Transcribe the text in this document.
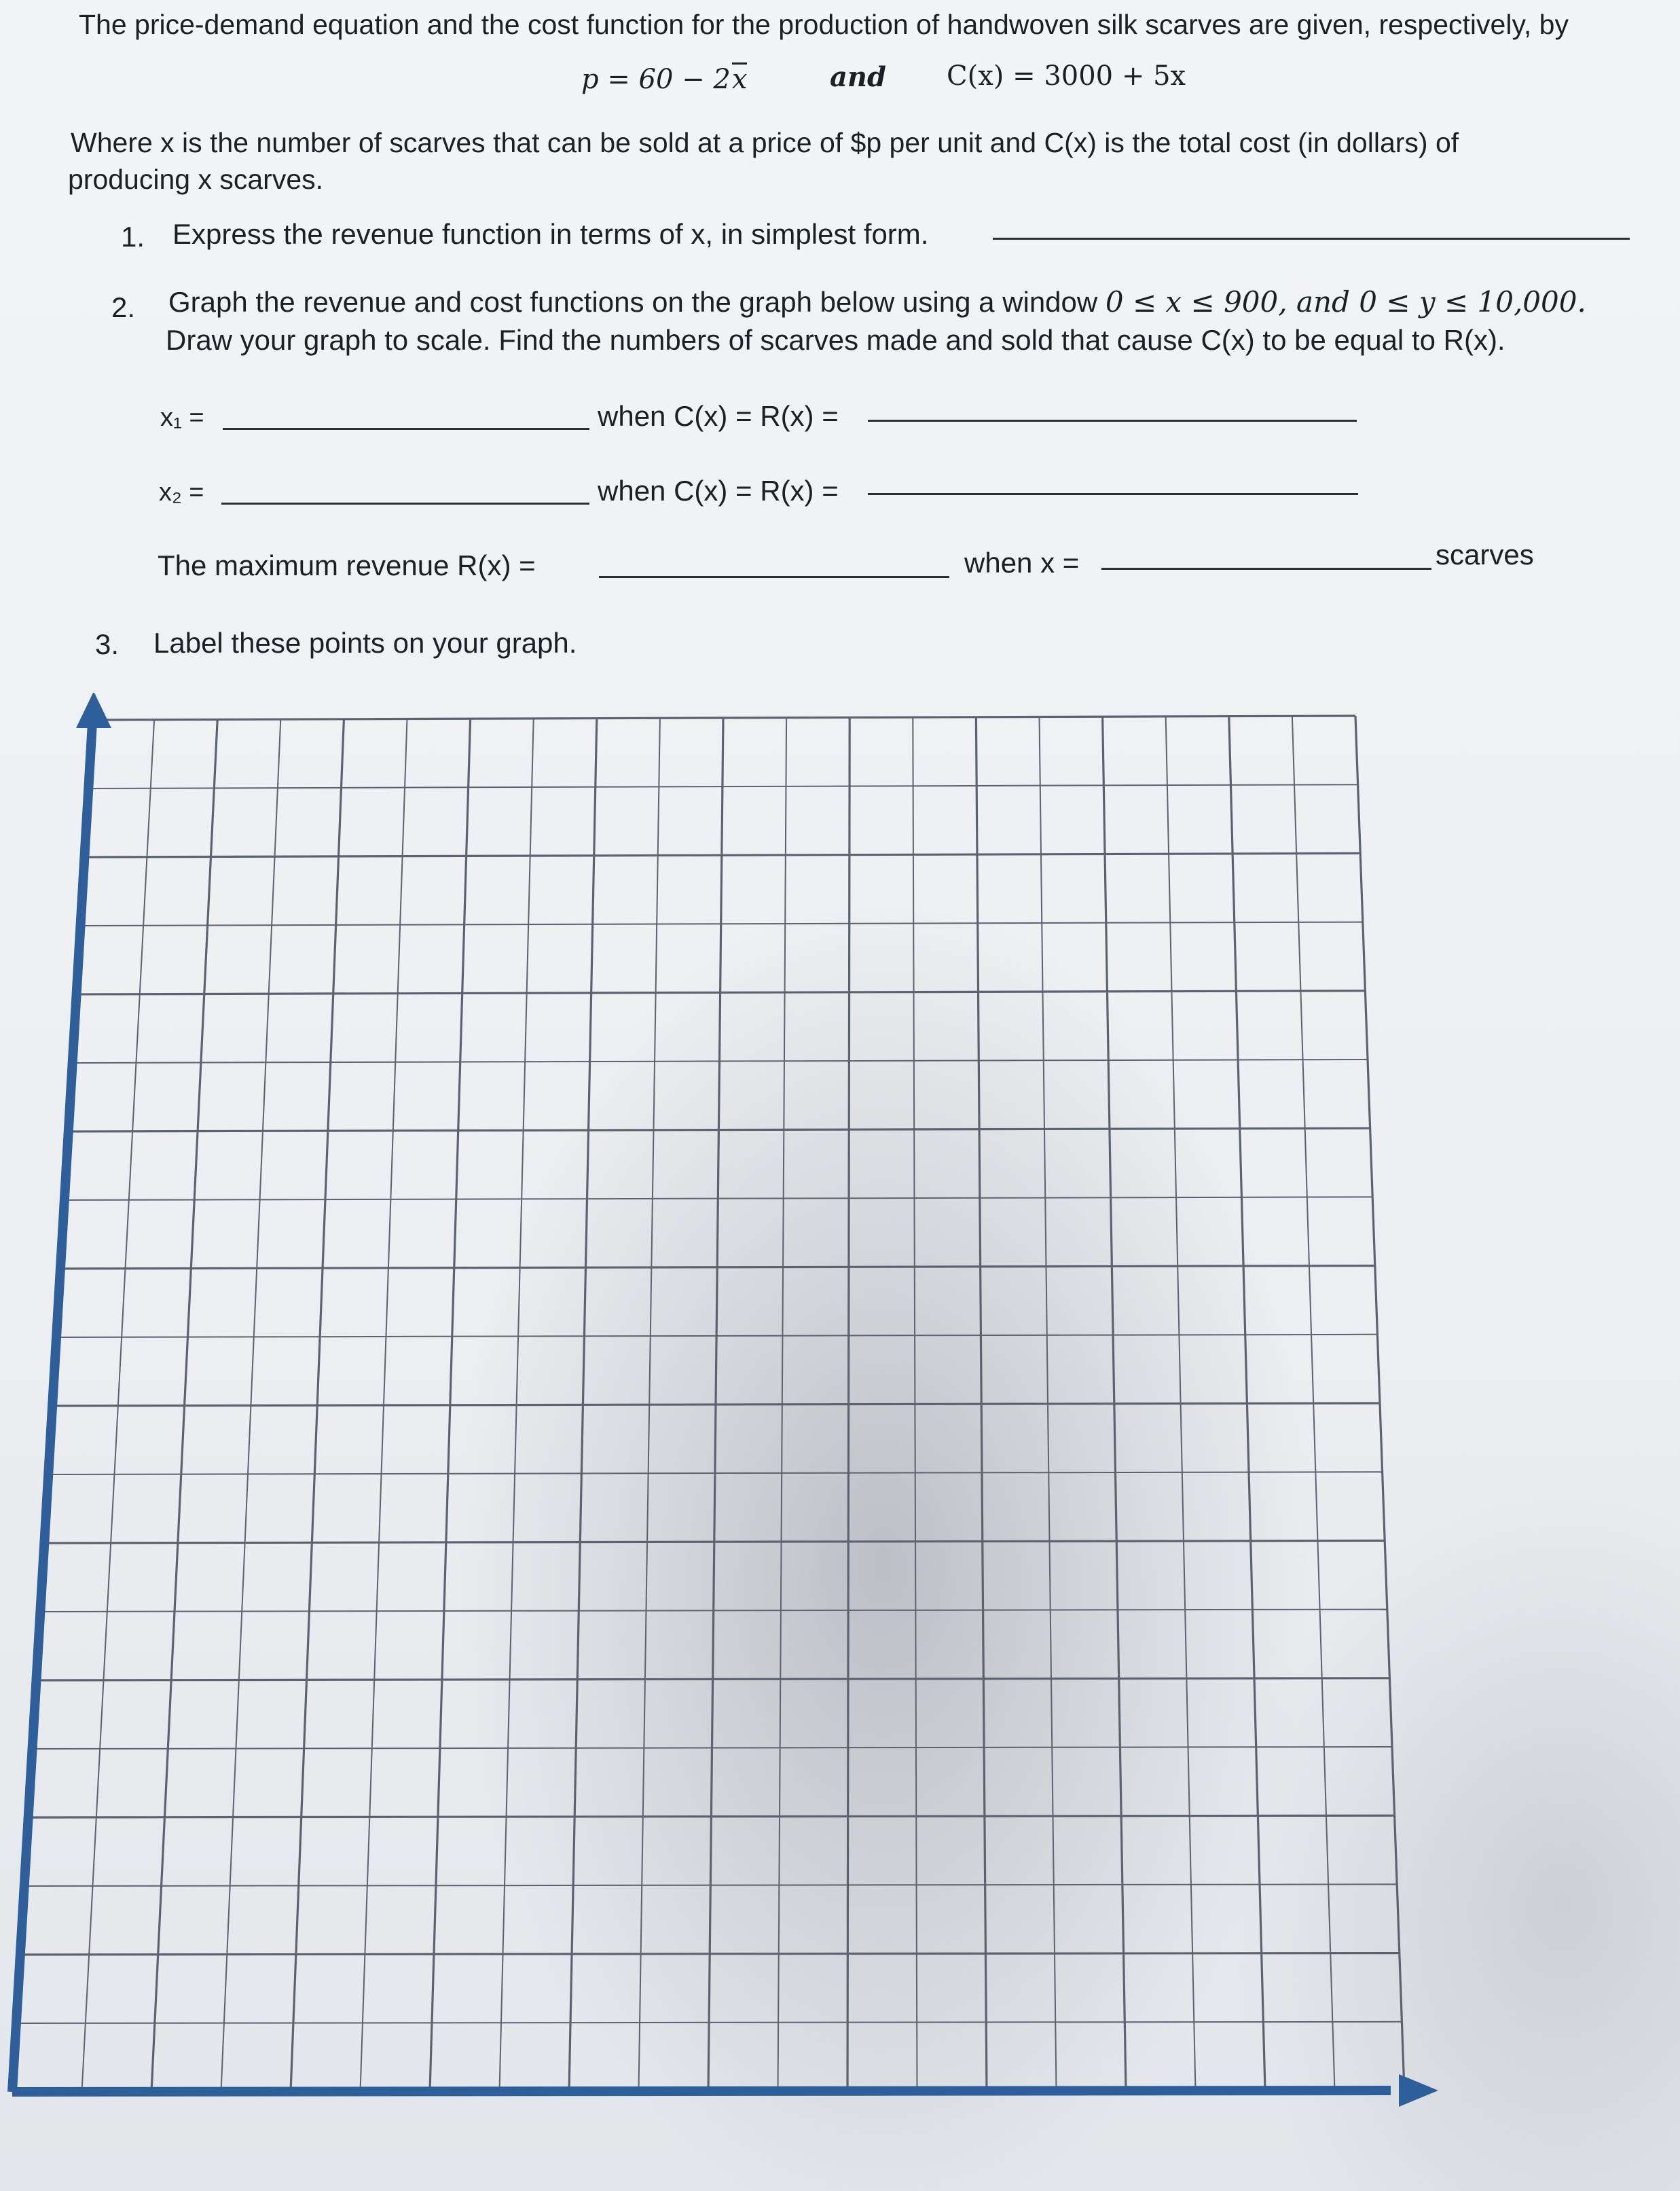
The price-demand equation and the cost function for the production of handwoven silk scarves are given, respectively, by
p = 60 − 2x	and C(x) = 3000 + 5x
Where x is the number of scarves that can be sold at a price of $p per unit and C(x) is the total cost (in dollars) of
producing x scarves.
1. Express the revenue function in terms of x, in simplest form.
2. Graph the revenue and cost functions on the graph below using a window 0 ≤ x ≤ 900, and 0 ≤ y ≤ 10,000.
Draw your graph to scale. Find the numbers of scarves made and sold that cause C(x) to be equal to R(x).
x₁ =	when C(x) = R(x) =
x₂ =	when C(x) = R(x) =
The maximum revenue R(x) =	when x =	scarves
3. Label these points on your graph.
